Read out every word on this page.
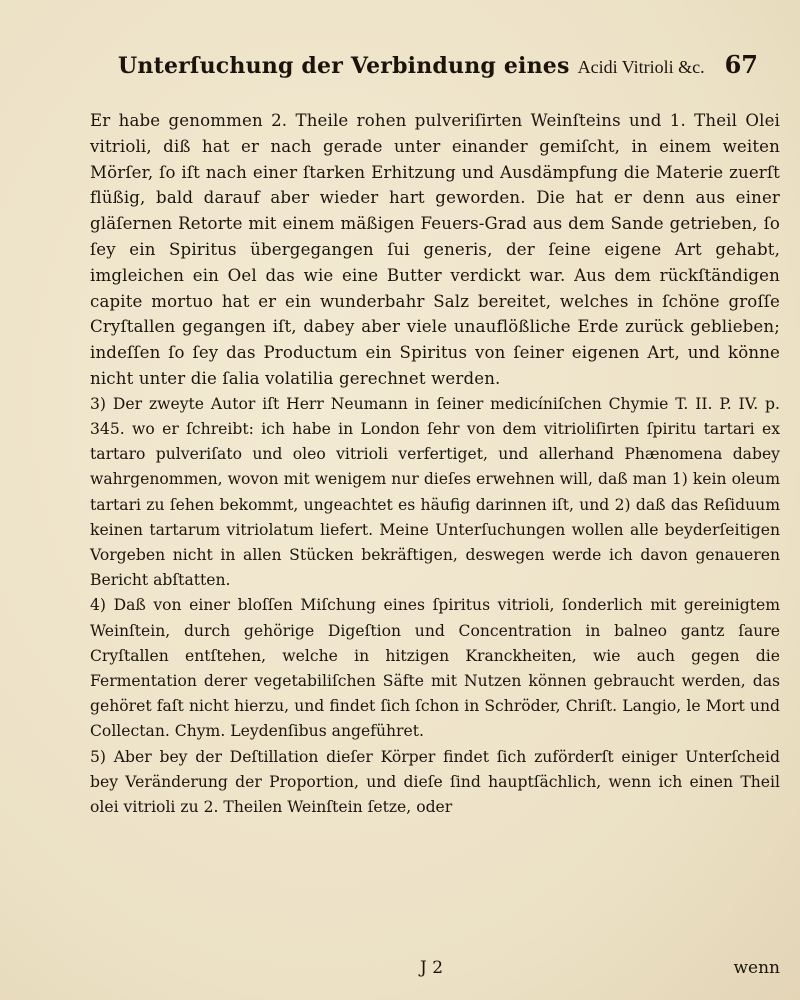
Unterſuchung der Verbindung eines Acidi Vitrioli &c. 67

Er habe genommen 2. Theile rohen pulveriſirten Weinſteins und 1. Theil Olei vitrioli, diß hat er nach gerade unter einander gemiſcht, in einem weiten Mörſer, ſo iſt nach einer ſtarken Erhitzung und Ausdämpfung die Materie zuerſt flüßig, bald darauf aber wieder hart geworden. Die hat er denn aus einer gläſernen Retorte mit einem mäßigen Feuers-Grad aus dem Sande getrieben, ſo ſey ein Spiritus übergegangen ſui generis, der ſeine eigene Art gehabt, imgleichen ein Oel das wie eine Butter verdickt war. Aus dem rückſtändigen capite mortuo hat er ein wunderbahr Salz bereitet, welches in ſchöne groſſe Cryſtallen gegangen iſt, dabey aber viele unauflößliche Erde zurück geblieben; indeſſen ſo ſey das Productum ein Spiritus von ſeiner eigenen Art, und könne nicht unter die ſalia volatilia gerechnet werden.

3) Der zweyte Autor iſt Herr Neumann in ſeiner medicíniſchen Chymie T. II. P. IV. p. 345. wo er ſchreibt: ich habe in London ſehr von dem vitrioliſirten ſpiritu tartari ex tartaro pulveriſato und oleo vitrioli verfertiget, und allerhand Phænomena dabey wahrgenommen, wovon mit wenigem nur dieſes erwehnen will, daß man 1) kein oleum tartari zu ſehen bekommt, ungeachtet es häufig darinnen iſt, und 2) daß das Reſiduum keinen tartarum vitriolatum liefert. Meine Unterſuchungen wollen alle beyderſeitigen Vorgeben nicht in allen Stücken bekräftigen, deswegen werde ich davon genaueren Bericht abſtatten.

4) Daß von einer bloſſen Miſchung eines ſpiritus vitrioli, ſonderlich mit gereinigtem Weinſtein, durch gehörige Digeſtion und Concentration in balneo gantz ſaure Cryſtallen entſtehen, welche in hitzigen Kranckheiten, wie auch gegen die Fermentation derer vegetabiliſchen Säfte mit Nutzen können gebraucht werden, das gehöret faſt nicht hierzu, und findet ſich ſchon in Schröder, Chriſt. Langio, le Mort und Collectan. Chym. Leydenſibus angeführet.

5) Aber bey der Deſtillation dieſer Körper findet ſich zuförderſt einiger Unterſcheid bey Veränderung der Proportion, und dieſe ſind hauptſächlich, wenn ich einen Theil olei vitrioli zu 2. Theilen Weinſtein ſetze, oder

J 2	wenn
